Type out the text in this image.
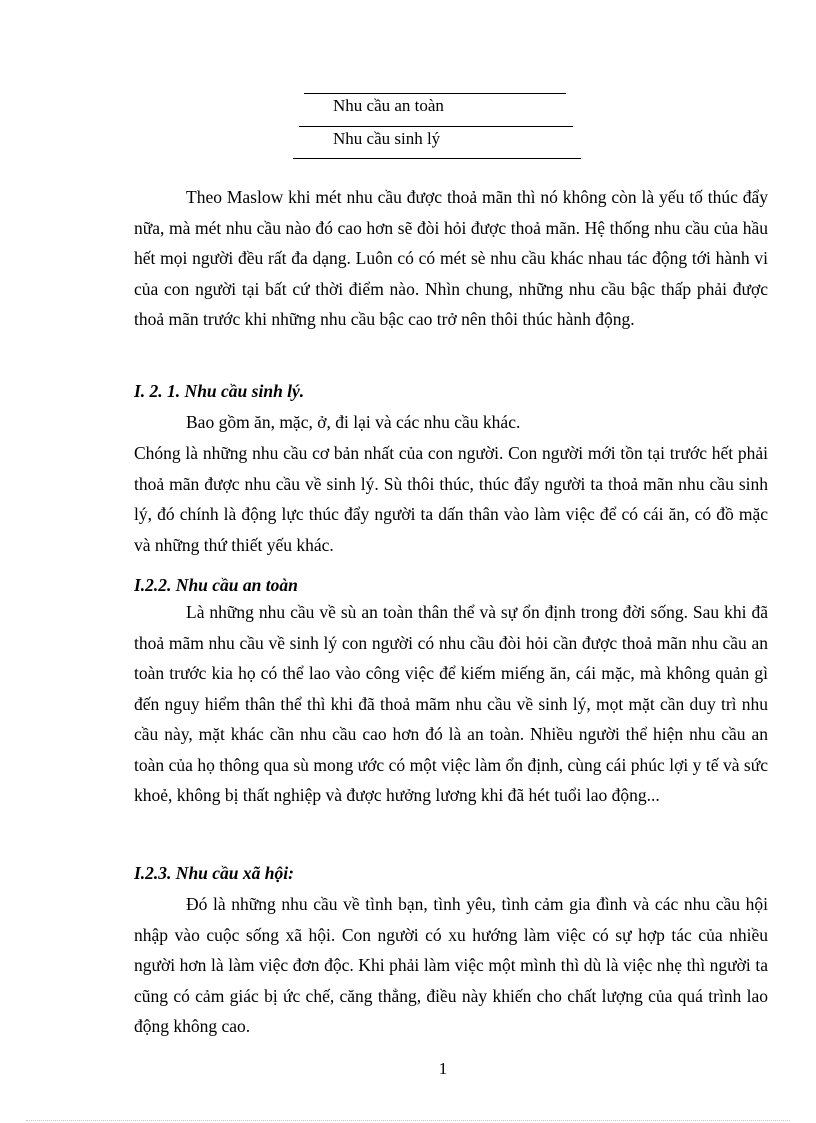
Nhu cầu an toàn
Nhu cầu sinh lý

Theo Maslow khi mét nhu cầu được thoả mãn thì nó không còn là yếu tố thúc đẩy nữa, mà mét nhu cầu nào đó cao hơn sẽ đòi hỏi được thoả mãn. Hệ thống nhu cầu của hầu hết mọi người đều rất đa dạng. Luôn có có mét sè nhu cầu khác nhau tác động tới hành vi của con người tại bất cứ thời điểm nào. Nhìn chung, những nhu cầu bậc thấp phải được thoả mãn trước khi những nhu cầu bậc cao trở nên thôi thúc hành động.

I. 2. 1. Nhu cầu sinh lý.

Bao gồm ăn, mặc, ở, đi lại và các nhu cầu khác.

Chóng là những nhu cầu cơ bản nhất của con người. Con người mới tồn tại trước hết phải thoả mãn được nhu cầu về sinh lý. Sù thôi thúc, thúc đẩy người ta thoả mãn nhu cầu sinh lý, đó chính là động lực thúc đẩy người ta dấn thân vào làm việc để có cái ăn, có đồ mặc và những thứ thiết yếu khác.

I.2.2. Nhu cầu an toàn

Là những nhu cầu về sù an toàn thân thể và sự ổn định trong đời sống. Sau khi đã thoả mãm nhu cầu về sinh lý con người có nhu cầu đòi hỏi cần được thoả mãn nhu cầu an toàn trước kia họ có thể lao vào công việc để kiếm miếng ăn, cái mặc, mà không quản gì đến nguy hiểm thân thể thì khi đã thoả mãm nhu cầu về sinh lý, mọt mặt cần duy trì nhu cầu này, mặt khác cần nhu cầu cao hơn đó là an toàn. Nhiều người thể hiện nhu cầu an toàn của họ thông qua sù mong ước có một việc làm ổn định, cùng cái phúc lợi y tế và sức khoẻ, không bị thất nghiệp và được hưởng lương khi đã hét tuổi lao động...

I.2.3. Nhu cầu xã hội:

Đó là những nhu cầu về tình bạn, tình yêu, tình cảm gia đình và các nhu cầu hội nhập vào cuộc sống xã hội. Con người có xu hướng làm việc có sự hợp tác của nhiều người hơn là làm việc đơn độc. Khi phải làm việc một mình thì dù là việc nhẹ thì người ta cũng có cảm giác bị ức chế, căng thẳng, điều này khiến cho chất lượng của quá trình lao động không cao.

1
